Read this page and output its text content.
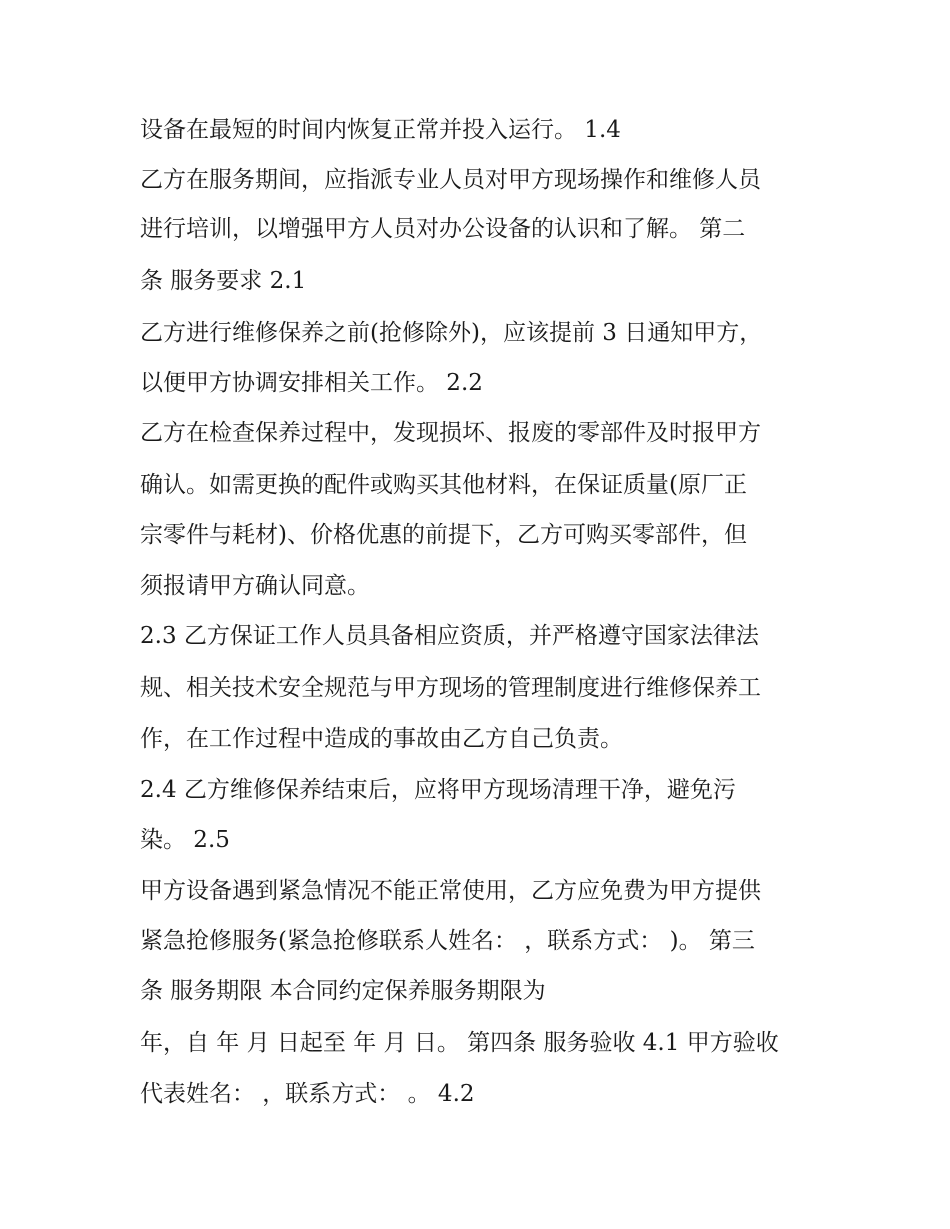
设备在最短的时间内恢复正常并投入运行。 1.4
乙方在服务期间，应指派专业人员对甲方现场操作和维修人员
进行培训，以增强甲方人员对办公设备的认识和了解。 第二
条 服务要求 2.1
乙方进行维修保养之前(抢修除外)，应该提前 3 日通知甲方，
以便甲方协调安排相关工作。 2.2
乙方在检查保养过程中，发现损坏、报废的零部件及时报甲方
确认。如需更换的配件或购买其他材料，在保证质量(原厂正
宗零件与耗材)、价格优惠的前提下，乙方可购买零部件，但
须报请甲方确认同意。
2.3 乙方保证工作人员具备相应资质，并严格遵守国家法律法
规、相关技术安全规范与甲方现场的管理制度进行维修保养工
作，在工作过程中造成的事故由乙方自己负责。
2.4 乙方维修保养结束后，应将甲方现场清理干净，避免污
染。 2.5
甲方设备遇到紧急情况不能正常使用，乙方应免费为甲方提供
紧急抢修服务(紧急抢修联系人姓名： ，联系方式： )。 第三
条 服务期限 本合同约定保养服务期限为
年，自 年 月 日起至 年 月 日。 第四条 服务验收 4.1 甲方验收
代表姓名： ，联系方式： 。 4.2
